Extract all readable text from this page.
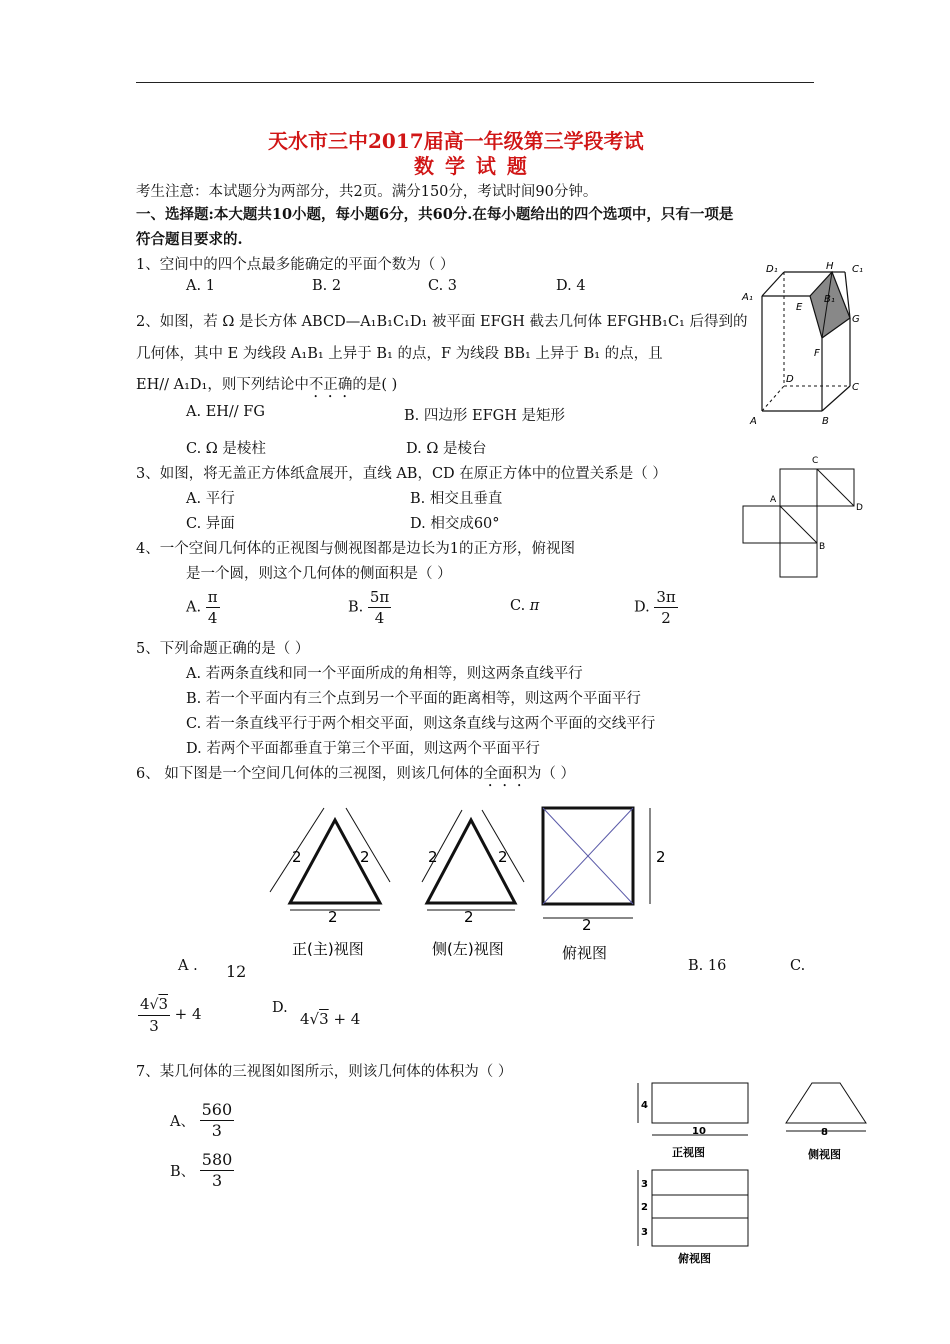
天水市三中2017届高一年级第三学段考试
数 学 试 题
考生注意：本试题分为两部分，共2页。满分150分，考试时间90分钟。
一、选择题:本大题共10小题，每小题6分，共60分.在每小题给出的四个选项中，只有一项是
符合题目要求的.
1、空间中的四个点最多能确定的平面个数为（ ）
A. 1	B. 2	C. 3	D. 4
2、如图，若 Ω 是长方体 ABCD—A₁B₁C₁D₁ 被平面 EFGH 截去几何体 EFGHB₁C₁ 后得到的
几何体，其中 E 为线段 A₁B₁ 上异于 B₁ 的点，F 为线段 BB₁ 上异于 B₁ 的点，且
EH// A₁D₁，则下列结论中不正确的是( )
A. EH// FG	B. 四边形 EFGH 是矩形
C. Ω 是棱柱	D. Ω 是棱台
D₁	H C₁
A₁
E
B₁
G
F
D
C
A	B
3、如图，将无盖正方体纸盒展开，直线 AB，CD 在原正方体中的位置关系是（ ）
A. 平行	B. 相交且垂直
C. 异面	D. 相交成60°
C
A
D
B
4、一个空间几何体的正视图与侧视图都是边长为1的正方形，俯视图
是一个圆，则这个几何体的侧面积是（ ）
A. $\frac{\pi}{4}$	B. $\frac{5\pi}{4}$	C. π	D. $\frac{3\pi}{2}$
5、下列命题正确的是（ ）
A. 若两条直线和同一个平面所成的角相等，则这两条直线平行
B. 若一个平面内有三个点到另一个平面的距离相等，则这两个平面平行
C. 若一条直线平行于两个相交平面，则这条直线与这两个平面的交线平行
D. 若两个平面都垂直于第三个平面，则这两个平面平行
6、 如下图是一个空间几何体的三视图，则该几何体的全面积为（ ）
2	2
2
正(主)视图
2	2
2
侧(左)视图
2
2
俯视图
A . 12	B. 16	C.
$\frac{4√3}{3} + 4$	D.
4√3 + 4
7、某几何体的三视图如图所示，则该几何体的体积为（ ）
A、 $\frac{560}{3}$
B、 $\frac{580}{3}$
4
10	8
3
2
3
正视图	侧视图
俯视图
